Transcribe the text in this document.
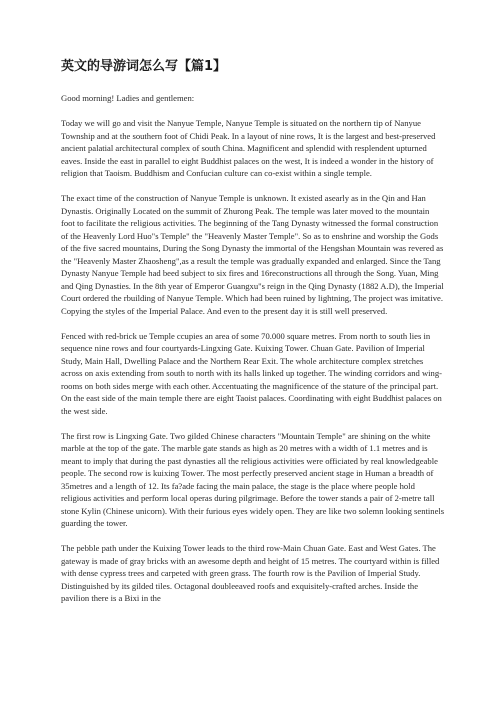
英文的导游词怎么写【篇1】

Good morning! Ladies and gentlemen:

Today we will go and visit the Nanyue Temple, Nanyue Temple is situated on the northern tip of Nanyue Township and at the southern foot of Chidi Peak. In a layout of nine rows, It is the largest and best-preserved ancient palatial architectural complex of south China. Magnificent and splendid with resplendent upturned eaves. Inside the east in parallel to eight Buddhist palaces on the west, It is indeed a wonder in the history of religion that Taoism. Buddhism and Confucian culture can co-exist within a single temple.

The exact time of the construction of Nanyue Temple is unknown. It existed asearly as in the Qin and Han Dynastis. Originally Located on the summit of Zhurong Peak. The temple was later moved to the mountain foot to facilitate the religious activities. The beginning of the Tang Dynasty witnessed the formal construction of the Heavenly Lord Huo"s Temple" the "Heavenly Master Temple". So as to enshrine and worship the Gods of the five sacred mountains, During the Song Dynasty the immortal of the Hengshan Mountain was revered as the "Heavenly Master Zhaosheng",as a result the temple was gradually expanded and enlarged. Since the Tang Dynasty Nanyue Temple had beed subject to six fires and 16reconstructions all through the Song. Yuan, Ming and Qing Dynasties. In the 8th year of Emperor Guangxu"s reign in the Qing Dynasty (1882 A.D), the Imperial Court ordered the rbuilding of Nanyue Temple. Which had been ruined by lightning, The project was imitative. Copying the styles of the Imperial Palace. And even to the present day it is still well preserved.

Fenced with red-brick ue Temple ccupies an area of some 70.000 square metres. From north to south lies in sequence nine rows and four courtyards-Lingxing Gate. Kuixing Tower. Chuan Gate. Pavilion of Imperial Study, Main Hall, Dwelling Palace and the Northern Rear Exit. The whole architecture complex stretches across on axis extending from south to north with its halls linked up together. The winding corridors and wing-rooms on both sides merge with each other. Accentuating the magnificence of the stature of the principal part. On the east side of the main temple there are eight Taoist palaces. Coordinating with eight Buddhist palaces on the west side.

The first row is Lingxing Gate. Two gilded Chinese characters "Mountain Temple" are shining on the white marble at the top of the gate. The marble gate stands as high as 20 metres with a width of 1.1 metres and is meant to imply that during the past dynasties all the religious activities were officiated by real knowledgeable people. The second row is kuixing Tower. The most perfectly preserved ancient stage in Human a breadth of 35metres and a length of 12. Its fa?ade facing the main palace, the stage is the place where people hold religious activities and perform local operas during pilgrimage. Before the tower stands a pair of 2-metre tall stone Kylin (Chinese unicorn). With their furious eyes widely open. They are like two solemn looking sentinels guarding the tower.

The pebble path under the Kuixing Tower leads to the third row-Main Chuan Gate. East and West Gates. The gateway is made of gray bricks with an awesome depth and height of 15 metres. The courtyard within is filled with dense cypress trees and carpeted with green grass. The fourth row is the Pavilion of Imperial Study. Distinguished by its gilded tiles. Octagonal doubleeaved roofs and exquisitely-crafted arches. Inside the pavilion there is a Bixi in the
